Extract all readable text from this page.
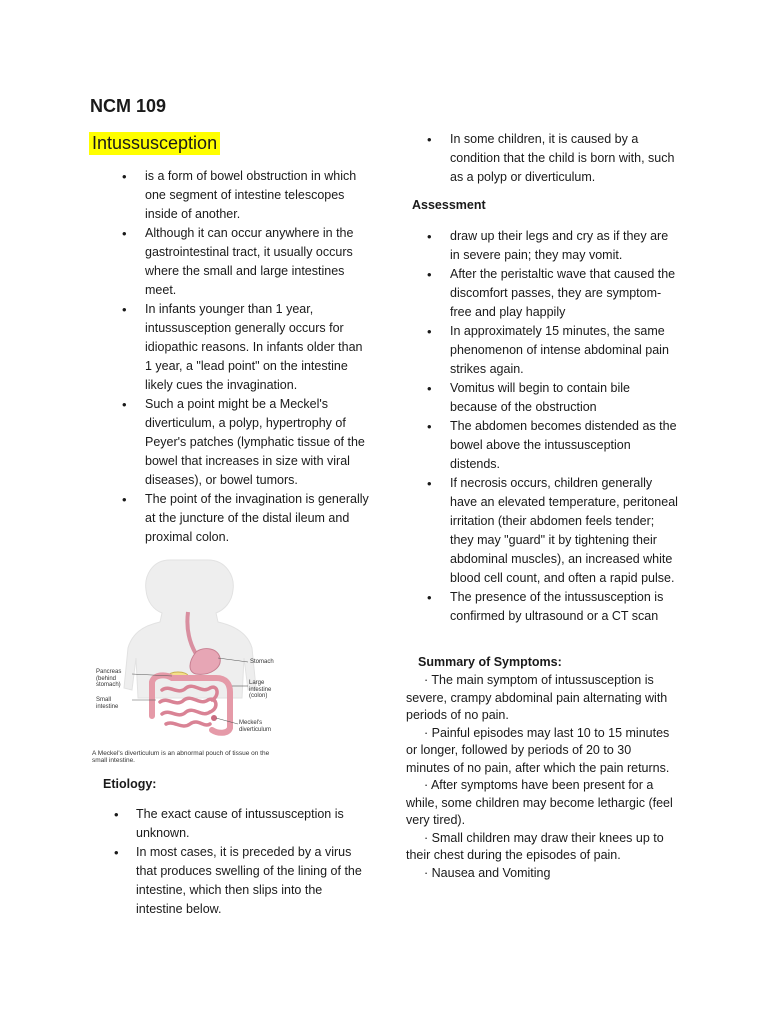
NCM 109
Intussusception
• is a form of bowel obstruction in which one segment of intestine telescopes inside of another.
• Although it can occur anywhere in the gastrointestinal tract, it usually occurs where the small and large intestines meet.
• In infants younger than 1 year, intussusception generally occurs for idiopathic reasons. In infants older than 1 year, a "lead point" on the intestine likely cues the invagination.
• Such a point might be a Meckel's diverticulum, a polyp, hypertrophy of Peyer's patches (lymphatic tissue of the bowel that increases in size with viral diseases), or bowel tumors.
• The point of the invagination is generally at the juncture of the distal ileum and proximal colon.
Stomach
Pancreas (behind stomach)	Large intestine (colon)
Small intestine
Meckel's diverticulum
A Meckel's diverticulum is an abnormal pouch of tissue on the small intestine.
Etiology:
• The exact cause of intussusception is unknown.
• In most cases, it is preceded by a virus that produces swelling of the lining of the intestine, which then slips into the intestine below.
• In some children, it is caused by a condition that the child is born with, such as a polyp or diverticulum.
Assessment
• draw up their legs and cry as if they are in severe pain; they may vomit.
• After the peristaltic wave that caused the discomfort passes, they are symptom-free and play happily
• In approximately 15 minutes, the same phenomenon of intense abdominal pain strikes again.
• Vomitus will begin to contain bile because of the obstruction
• The abdomen becomes distended as the bowel above the intussusception distends.
• If necrosis occurs, children generally have an elevated temperature, peritoneal irritation (their abdomen feels tender; they may "guard" it by tightening their abdominal muscles), an increased white blood cell count, and often a rapid pulse.
• The presence of the intussusception is confirmed by ultrasound or a CT scan
Summary of Symptoms:

· The main symptom of intussusception is severe, crampy abdominal pain alternating with periods of no pain.

· Painful episodes may last 10 to 15 minutes or longer, followed by periods of 20 to 30 minutes of no pain, after which the pain returns.

· After symptoms have been present for a while, some children may become lethargic (feel very tired).

· Small children may draw their knees up to their chest during the episodes of pain.

· Nausea and Vomiting
